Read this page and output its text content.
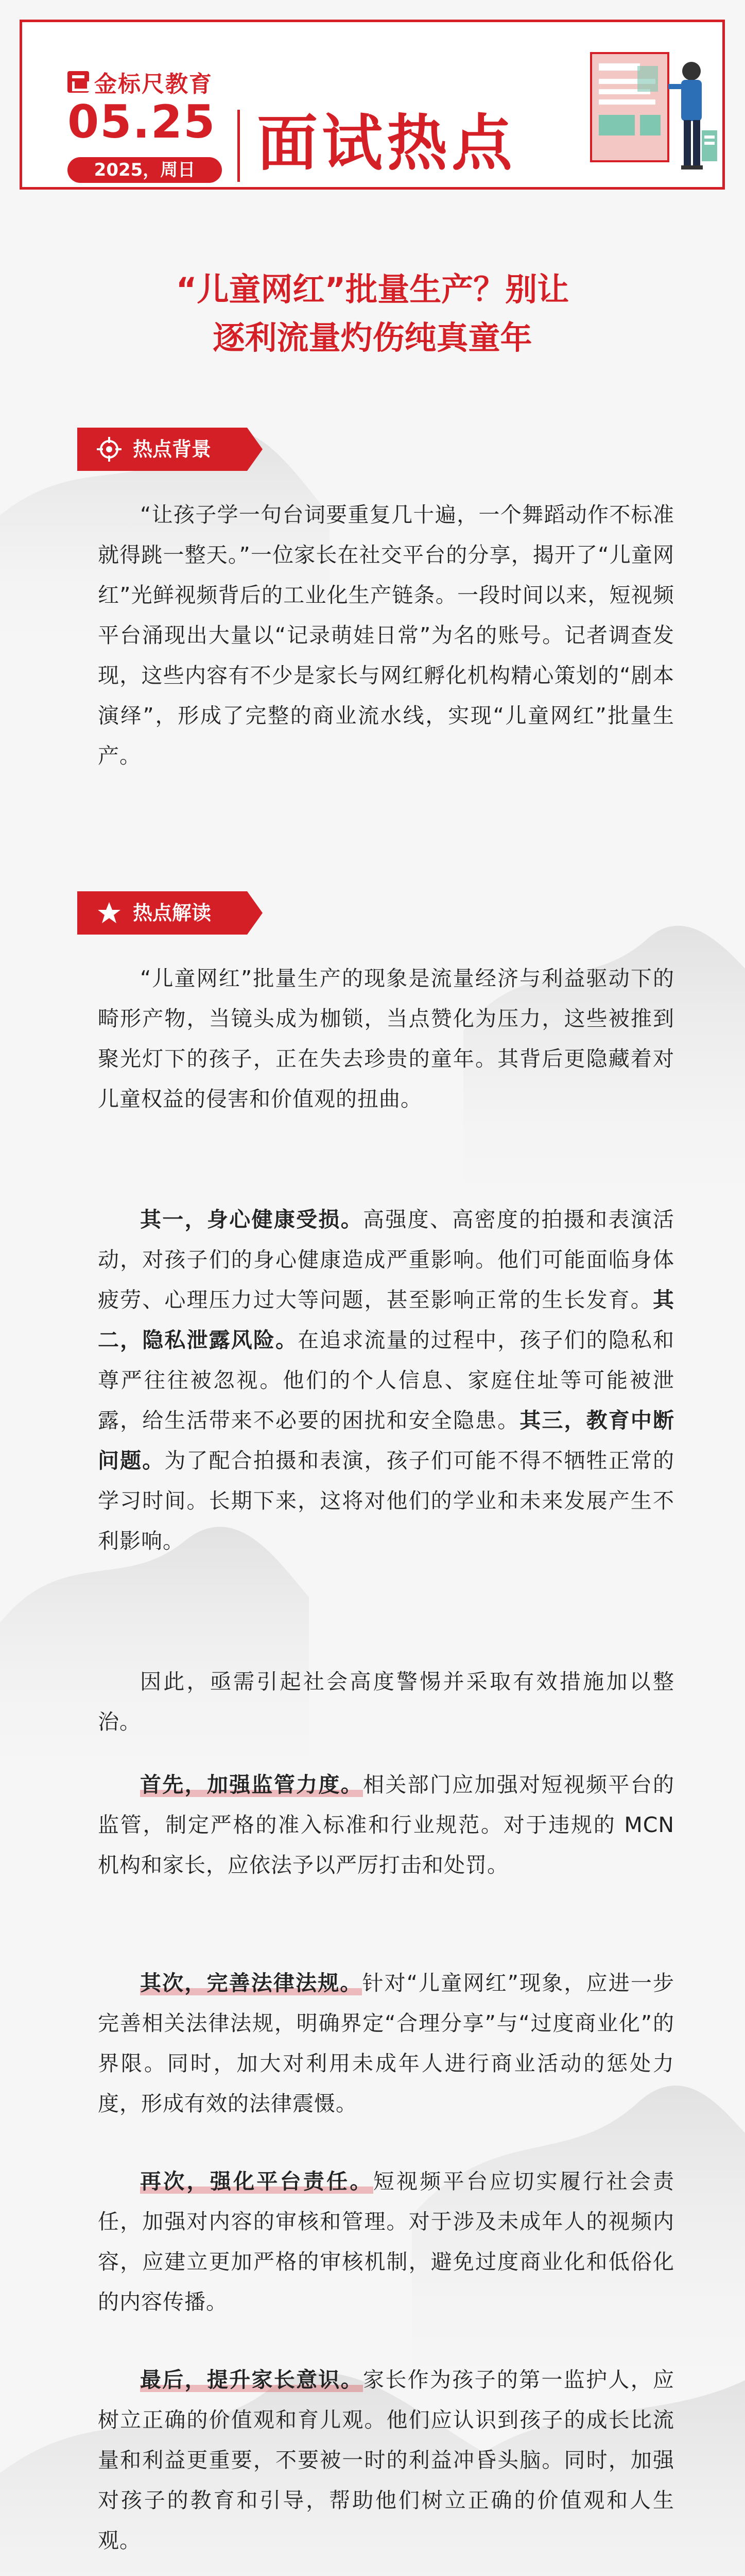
金标尺教育
05.25
2025，周日	面试热点
“儿童网红”批量生产？别让
逐利流量灼伤纯真童年
热点背景

“让孩子学一句台词要重复几十遍，一个舞蹈动作不标准就得跳一整天。”一位家长在社交平台的分享，揭开了“儿童网红”光鲜视频背后的工业化生产链条。一段时间以来，短视频平台涌现出大量以“记录萌娃日常”为名的账号。记者调查发现，这些内容有不少是家长与网红孵化机构精心策划的“剧本演绎”，形成了完整的商业流水线，实现“儿童网红”批量生产。

热点解读

“儿童网红”批量生产的现象是流量经济与利益驱动下的畸形产物，当镜头成为枷锁，当点赞化为压力，这些被推到聚光灯下的孩子，正在失去珍贵的童年。其背后更隐藏着对儿童权益的侵害和价值观的扭曲。

其一，身心健康受损。高强度、高密度的拍摄和表演活动，对孩子们的身心健康造成严重影响。他们可能面临身体疲劳、心理压力过大等问题，甚至影响正常的生长发育。其二，隐私泄露风险。在追求流量的过程中，孩子们的隐私和尊严往往被忽视。他们的个人信息、家庭住址等可能被泄露，给生活带来不必要的困扰和安全隐患。其三，教育中断问题。为了配合拍摄和表演，孩子们可能不得不牺牲正常的学习时间。长期下来，这将对他们的学业和未来发展产生不利影响。

因此，亟需引起社会高度警惕并采取有效措施加以整治。

首先，加强监管力度。相关部门应加强对短视频平台的监管，制定严格的准入标准和行业规范。对于违规的 MCN 机构和家长，应依法予以严厉打击和处罚。

其次，完善法律法规。针对“儿童网红”现象，应进一步完善相关法律法规，明确界定“合理分享”与“过度商业化”的界限。同时，加大对利用未成年人进行商业活动的惩处力度，形成有效的法律震慑。

再次，强化平台责任。短视频平台应切实履行社会责任，加强对内容的审核和管理。对于涉及未成年人的视频内容，应建立更加严格的审核机制，避免过度商业化和低俗化的内容传播。

最后，提升家长意识。家长作为孩子的第一监护人，应树立正确的价值观和育儿观。他们应认识到孩子的成长比流量和利益更重要，不要被一时的利益冲昏头脑。同时，加强对孩子的教育和引导，帮助他们树立正确的价值观和人生观。
